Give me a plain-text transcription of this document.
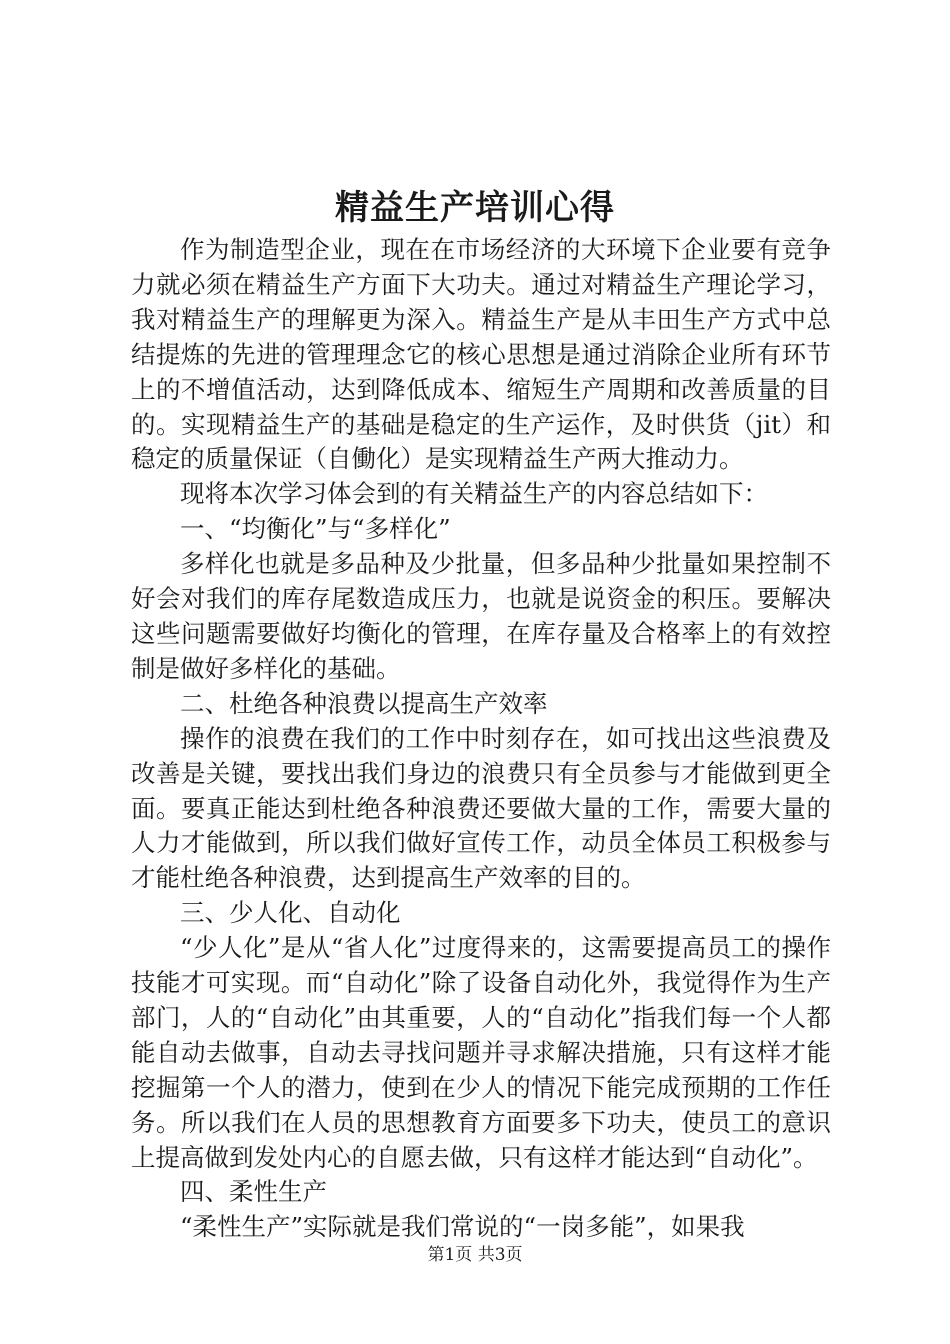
精益生产培训心得

作为制造型企业，现在在市场经济的大环境下企业要有竞争力就必须在精益生产方面下大功夫。通过对精益生产理论学习，我对精益生产的理解更为深入。精益生产是从丰田生产方式中总结提炼的先进的管理理念它的核心思想是通过消除企业所有环节上的不增值活动，达到降低成本、缩短生产周期和改善质量的目的。实现精益生产的基础是稳定的生产运作，及时供货（jit）和稳定的质量保证（自働化）是实现精益生产两大推动力。

现将本次学习体会到的有关精益生产的内容总结如下：

一、“均衡化”与“多样化”

多样化也就是多品种及少批量，但多品种少批量如果控制不好会对我们的库存尾数造成压力，也就是说资金的积压。要解决这些问题需要做好均衡化的管理，在库存量及合格率上的有效控制是做好多样化的基础。

二、杜绝各种浪费以提高生产效率

操作的浪费在我们的工作中时刻存在，如可找出这些浪费及改善是关键，要找出我们身边的浪费只有全员参与才能做到更全面。要真正能达到杜绝各种浪费还要做大量的工作，需要大量的人力才能做到，所以我们做好宣传工作，动员全体员工积极参与才能杜绝各种浪费，达到提高生产效率的目的。

三、少人化、自动化

“少人化”是从“省人化”过度得来的，这需要提高员工的操作技能才可实现。而“自动化”除了设备自动化外，我觉得作为生产部门，人的“自动化”由其重要，人的“自动化”指我们每一个人都能自动去做事，自动去寻找问题并寻求解决措施，只有这样才能挖掘第一个人的潜力，使到在少人的情况下能完成预期的工作任务。所以我们在人员的思想教育方面要多下功夫，使员工的意识上提高做到发处内心的自愿去做，只有这样才能达到“自动化”。

四、柔性生产

“柔性生产”实际就是我们常说的“一岗多能”，如果我

第1页 共3页
